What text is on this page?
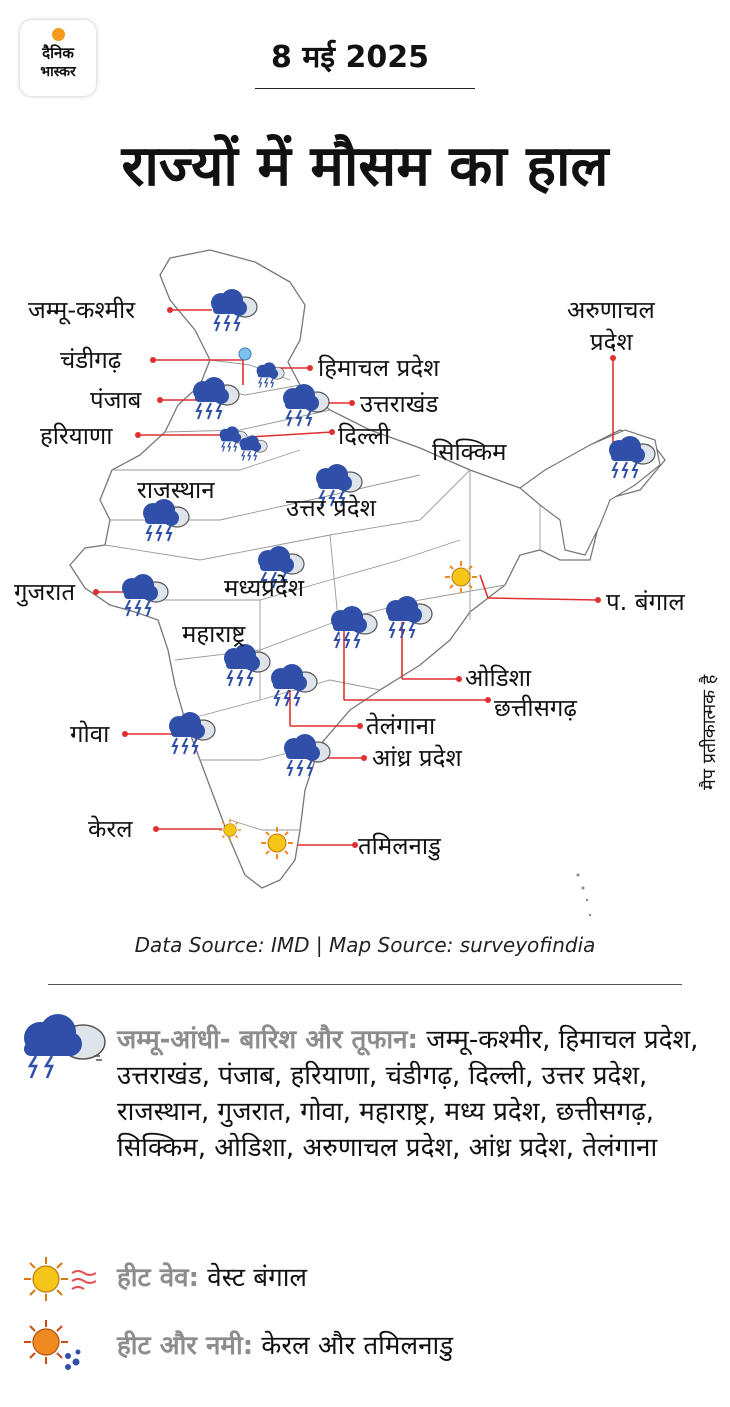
दैनिक
भास्कर	8 मई 2025
राज्यों में मौसम का हाल
जम्मू-कश्मीर
चंडीगढ़
पंजाब
हरियाणा
राजस्थान
गुजरात
महाराष्ट्र
गोवा
केरल
हिमाचल प्रदेश
उत्तराखंड
दिल्ली
सिक्किम
अरुणाचल
प्रदेश
उत्तर प्रदेश
मध्यप्रदेश	प. बंगाल
ओडिशा
छत्तीसगढ़
तेलंगाना
आंध्र प्रदेश
तमिलनाडु
मैप प्रतीकात्मक है
Data Source: IMD | Map Source: surveyofindia
जम्मू-आंधी- बारिश और तूफान: जम्मू-कश्मीर, हिमाचल प्रदेश, उत्तराखंड, पंजाब, हरियाणा, चंडीगढ़, दिल्ली, उत्तर प्रदेश, राजस्थान, गुजरात, गोवा, महाराष्ट्र, मध्य प्रदेश, छत्तीसगढ़, सिक्किम, ओडिशा, अरुणाचल प्रदेश, आंध्र प्रदेश, तेलंगाना
हीट वेव: वेस्ट बंगाल
हीट और नमी: केरल और तमिलनाडु
